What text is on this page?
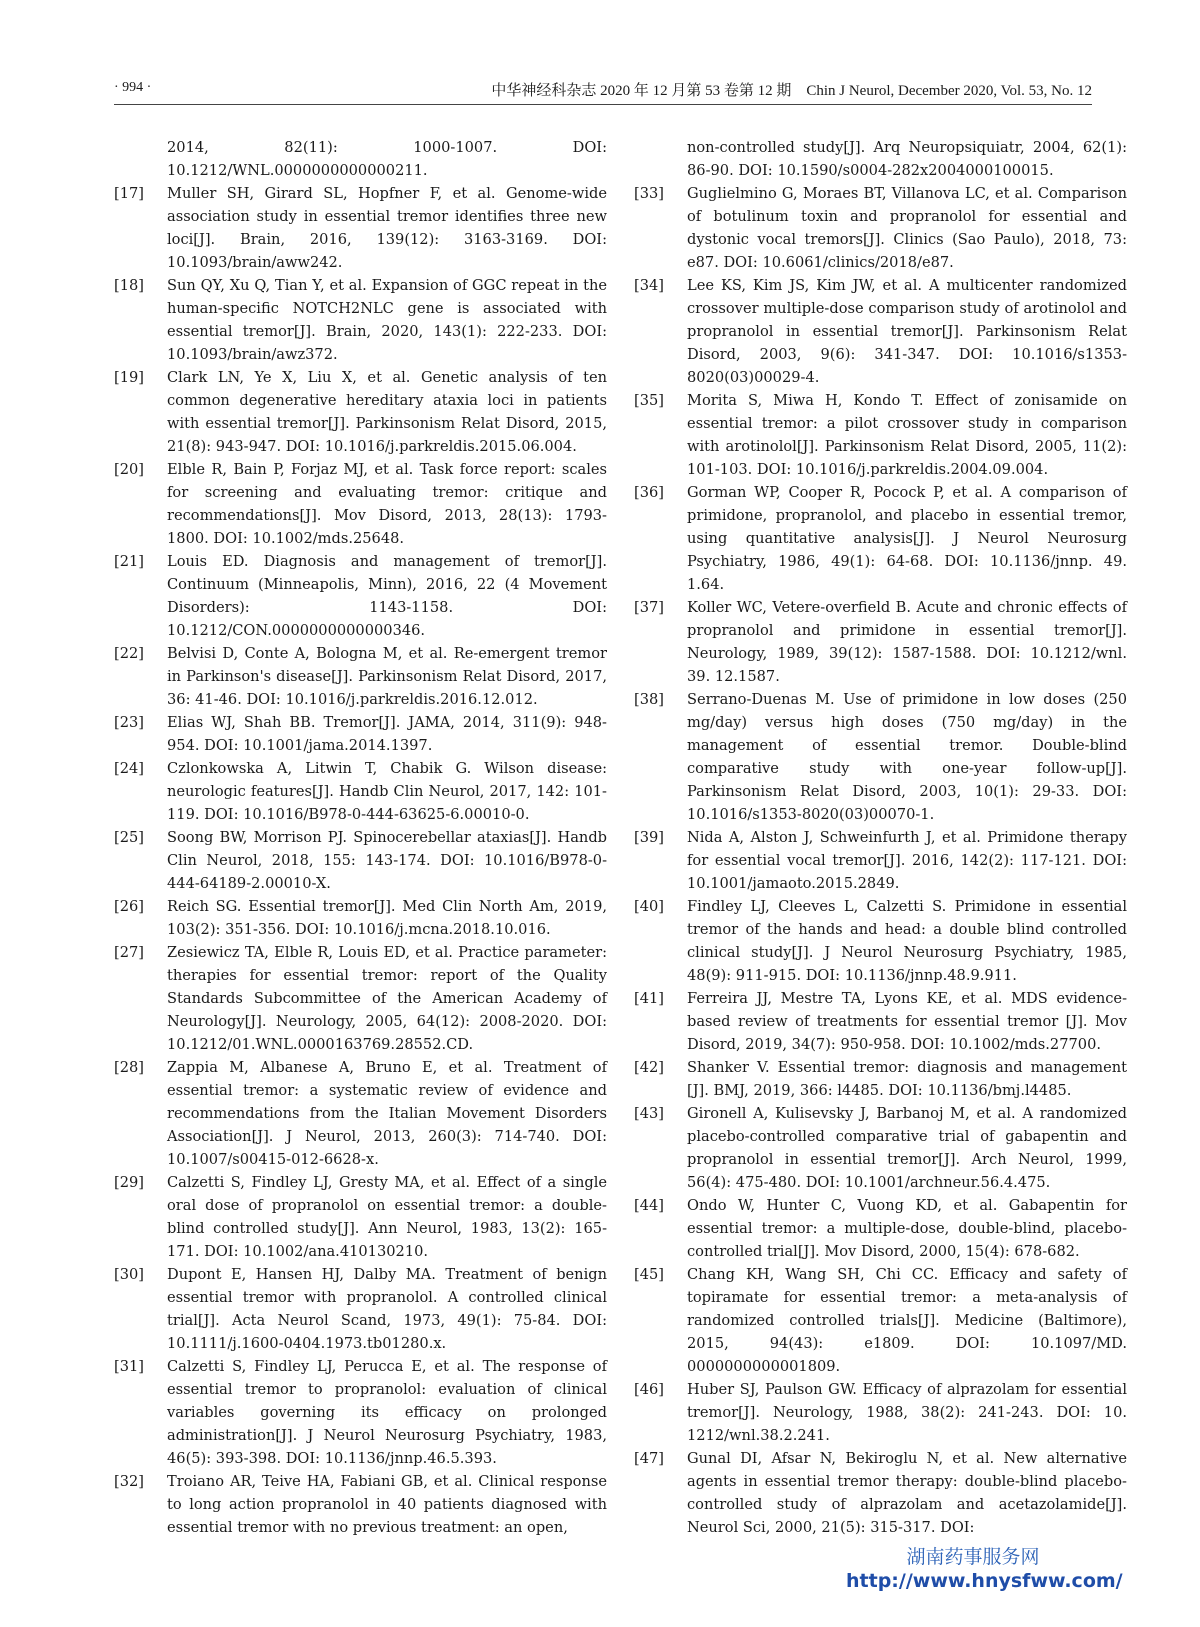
· 994 ·	中华神经科杂志 2020 年 12 月第 53 卷第 12 期　Chin J Neurol, December 2020, Vol. 53, No. 12
2014, 82(11): 1000-1007. DOI: 10.1212/WNL.0000000000000211.
[17] Muller SH, Girard SL, Hopfner F, et al. Genome-wide association study in essential tremor identifies three new loci[J]. Brain, 2016, 139(12): 3163-3169. DOI: 10.1093/brain/aww242.
[18] Sun QY, Xu Q, Tian Y, et al. Expansion of GGC repeat in the human-specific NOTCH2NLC gene is associated with essential tremor[J]. Brain, 2020, 143(1): 222-233. DOI: 10.1093/brain/awz372.
[19] Clark LN, Ye X, Liu X, et al. Genetic analysis of ten common degenerative hereditary ataxia loci in patients with essential tremor[J]. Parkinsonism Relat Disord, 2015, 21(8): 943-947. DOI: 10.1016/j.parkreldis.2015.06.004.
[20] Elble R, Bain P, Forjaz MJ, et al. Task force report: scales for screening and evaluating tremor: critique and recommendations[J]. Mov Disord, 2013, 28(13): 1793-1800. DOI: 10.1002/mds.25648.
[21] Louis ED. Diagnosis and management of tremor[J]. Continuum (Minneapolis, Minn), 2016, 22 (4 Movement Disorders): 1143-1158. DOI: 10.1212/CON.0000000000000346.
[22] Belvisi D, Conte A, Bologna M, et al. Re-emergent tremor in Parkinson's disease[J]. Parkinsonism Relat Disord, 2017, 36: 41-46. DOI: 10.1016/j.parkreldis.2016.12.012.
[23] Elias WJ, Shah BB. Tremor[J]. JAMA, 2014, 311(9): 948-954. DOI: 10.1001/jama.2014.1397.
[24] Czlonkowska A, Litwin T, Chabik G. Wilson disease: neurologic features[J]. Handb Clin Neurol, 2017, 142: 101-119. DOI: 10.1016/B978-0-444-63625-6.00010-0.
[25] Soong BW, Morrison PJ. Spinocerebellar ataxias[J]. Handb Clin Neurol, 2018, 155: 143-174. DOI: 10.1016/B978-0-444-64189-2.00010-X.
[26] Reich SG. Essential tremor[J]. Med Clin North Am, 2019, 103(2): 351-356. DOI: 10.1016/j.mcna.2018.10.016.
[27] Zesiewicz TA, Elble R, Louis ED, et al. Practice parameter: therapies for essential tremor: report of the Quality Standards Subcommittee of the American Academy of Neurology[J]. Neurology, 2005, 64(12): 2008-2020. DOI: 10.1212/01.WNL.0000163769.28552.CD.
[28] Zappia M, Albanese A, Bruno E, et al. Treatment of essential tremor: a systematic review of evidence and recommendations from the Italian Movement Disorders Association[J]. J Neurol, 2013, 260(3): 714-740. DOI: 10.1007/s00415-012-6628-x.
[29] Calzetti S, Findley LJ, Gresty MA, et al. Effect of a single oral dose of propranolol on essential tremor: a double-blind controlled study[J]. Ann Neurol, 1983, 13(2): 165-171. DOI: 10.1002/ana.410130210.
[30] Dupont E, Hansen HJ, Dalby MA. Treatment of benign essential tremor with propranolol. A controlled clinical trial[J]. Acta Neurol Scand, 1973, 49(1): 75-84. DOI: 10.1111/j.1600-0404.1973.tb01280.x.
[31] Calzetti S, Findley LJ, Perucca E, et al. The response of essential tremor to propranolol: evaluation of clinical variables governing its efficacy on prolonged administration[J]. J Neurol Neurosurg Psychiatry, 1983, 46(5): 393-398. DOI: 10.1136/jnnp.46.5.393.
[32] Troiano AR, Teive HA, Fabiani GB, et al. Clinical response to long action propranolol in 40 patients diagnosed with essential tremor with no previous treatment: an open,
non-controlled study[J]. Arq Neuropsiquiatr, 2004, 62(1): 86-90. DOI: 10.1590/s0004-282x2004000100015.
[33] Guglielmino G, Moraes BT, Villanova LC, et al. Comparison of botulinum toxin and propranolol for essential and dystonic vocal tremors[J]. Clinics (Sao Paulo), 2018, 73: e87. DOI: 10.6061/clinics/2018/e87.
[34] Lee KS, Kim JS, Kim JW, et al. A multicenter randomized crossover multiple-dose comparison study of arotinolol and propranolol in essential tremor[J]. Parkinsonism Relat Disord, 2003, 9(6): 341-347. DOI: 10.1016/s1353-8020(03)00029-4.
[35] Morita S, Miwa H, Kondo T. Effect of zonisamide on essential tremor: a pilot crossover study in comparison with arotinolol[J]. Parkinsonism Relat Disord, 2005, 11(2): 101-103. DOI: 10.1016/j.parkreldis.2004.09.004.
[36] Gorman WP, Cooper R, Pocock P, et al. A comparison of primidone, propranolol, and placebo in essential tremor, using quantitative analysis[J]. J Neurol Neurosurg Psychiatry, 1986, 49(1): 64-68. DOI: 10.1136/jnnp. 49. 1.64.
[37] Koller WC, Vetere-overfield B. Acute and chronic effects of propranolol and primidone in essential tremor[J]. Neurology, 1989, 39(12): 1587-1588. DOI: 10.1212/wnl. 39. 12.1587.
[38] Serrano-Duenas M. Use of primidone in low doses (250 mg/day) versus high doses (750 mg/day) in the management of essential tremor. Double-blind comparative study with one-year follow-up[J]. Parkinsonism Relat Disord, 2003, 10(1): 29-33. DOI: 10.1016/s1353-8020(03)00070-1.
[39] Nida A, Alston J, Schweinfurth J, et al. Primidone therapy for essential vocal tremor[J]. 2016, 142(2): 117-121. DOI: 10.1001/jamaoto.2015.2849.
[40] Findley LJ, Cleeves L, Calzetti S. Primidone in essential tremor of the hands and head: a double blind controlled clinical study[J]. J Neurol Neurosurg Psychiatry, 1985, 48(9): 911-915. DOI: 10.1136/jnnp.48.9.911.
[41] Ferreira JJ, Mestre TA, Lyons KE, et al. MDS evidence-based review of treatments for essential tremor [J]. Mov Disord, 2019, 34(7): 950-958. DOI: 10.1002/mds.27700.
[42] Shanker V. Essential tremor: diagnosis and management [J]. BMJ, 2019, 366: l4485. DOI: 10.1136/bmj.l4485.
[43] Gironell A, Kulisevsky J, Barbanoj M, et al. A randomized placebo-controlled comparative trial of gabapentin and propranolol in essential tremor[J]. Arch Neurol, 1999, 56(4): 475-480. DOI: 10.1001/archneur.56.4.475.
[44] Ondo W, Hunter C, Vuong KD, et al. Gabapentin for essential tremor: a multiple-dose, double-blind, placebo-controlled trial[J]. Mov Disord, 2000, 15(4): 678-682.
[45] Chang KH, Wang SH, Chi CC. Efficacy and safety of topiramate for essential tremor: a meta-analysis of randomized controlled trials[J]. Medicine (Baltimore), 2015, 94(43): e1809. DOI: 10.1097/MD. 0000000000001809.
[46] Huber SJ, Paulson GW. Efficacy of alprazolam for essential tremor[J]. Neurology, 1988, 38(2): 241-243. DOI: 10. 1212/wnl.38.2.241.
[47] Gunal DI, Afsar N, Bekiroglu N, et al. New alternative agents in essential tremor therapy: double-blind placebo-controlled study of alprazolam and acetazolamide[J]. Neurol Sci, 2000, 21(5): 315-317. DOI:
湖南药事服务网
http://www.hnysfww.com/
